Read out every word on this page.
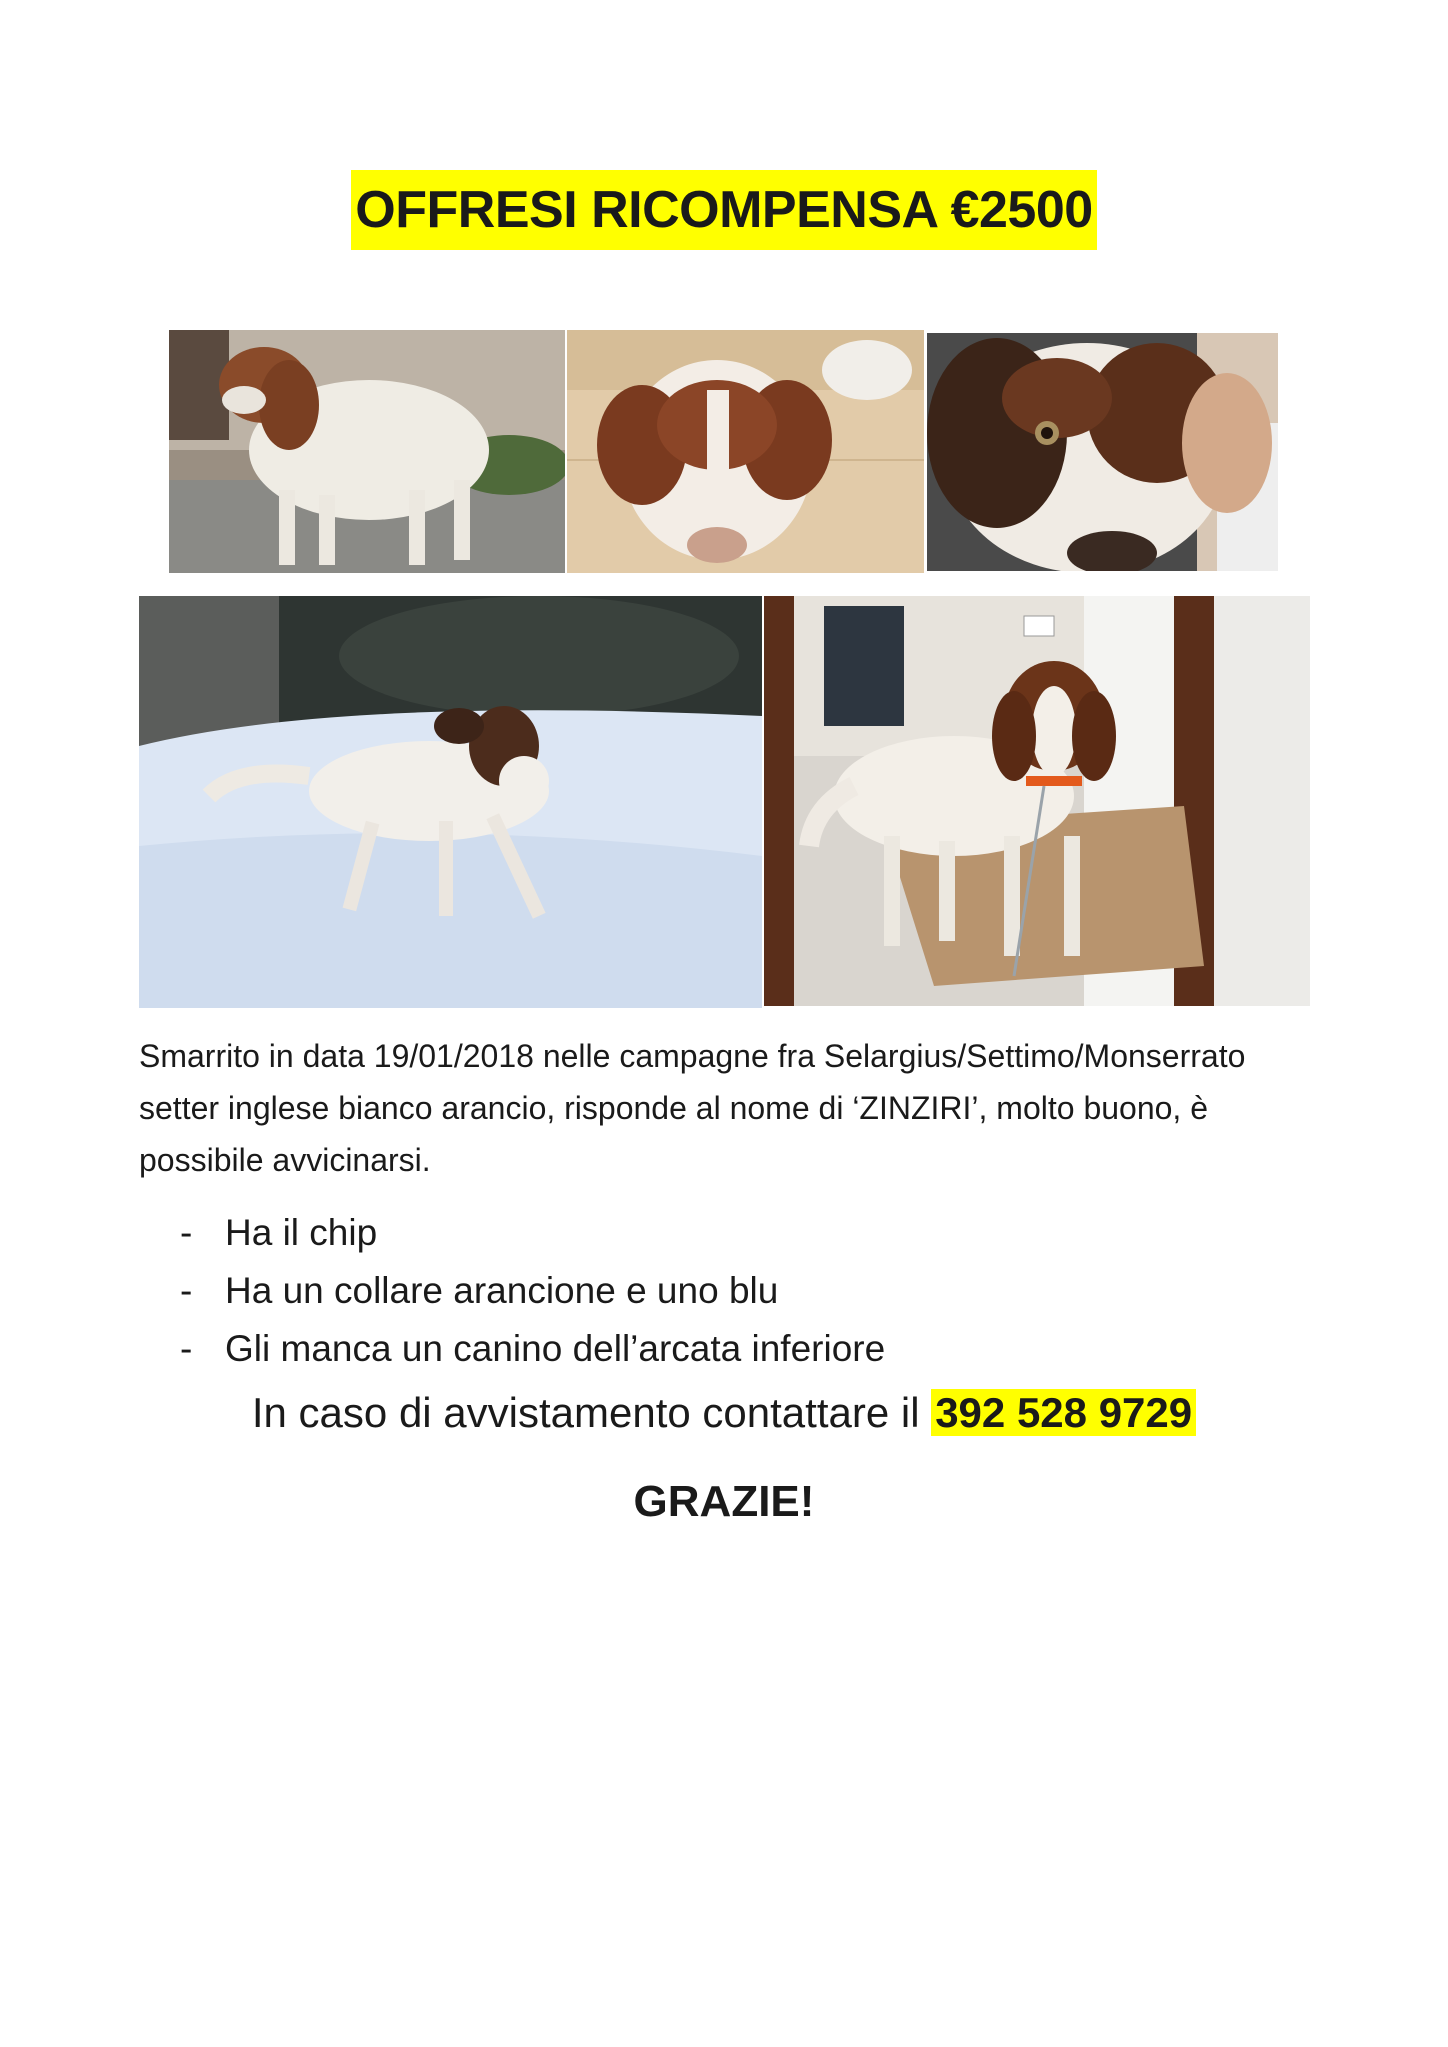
OFFRESI RICOMPENSA €2500

Smarrito in data 19/01/2018 nelle campagne fra Selargius/Settimo/Monserrato setter inglese bianco arancio, risponde al nome di ‘ZINZIRI’, molto buono, è possibile avvicinarsi.

- Ha il chip
- Ha un collare arancione e uno blu
- Gli manca un canino dell’arcata inferiore
In caso di avvistamento contattare il 392 528 9729
GRAZIE!
